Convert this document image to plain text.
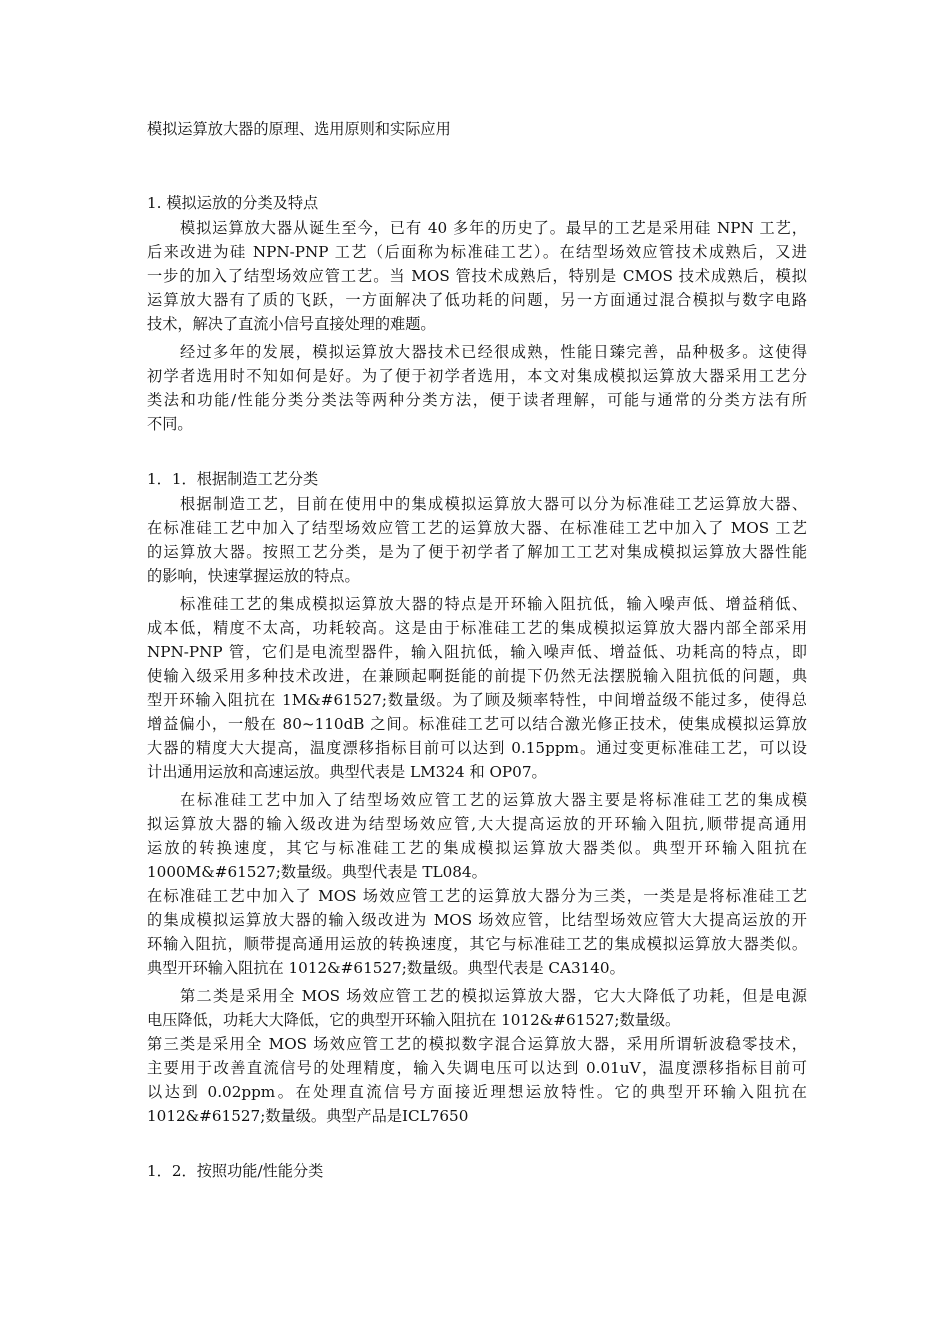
模拟运算放大器的原理、选用原则和实际应用
1. 模拟运放的分类及特点
模拟运算放大器从诞生至今，已有 40 多年的历史了。最早的工艺是采用硅 NPN 工艺，
后来改进为硅 NPN-PNP 工艺（后面称为标准硅工艺）。在结型场效应管技术成熟后，又进
一步的加入了结型场效应管工艺。当 MOS 管技术成熟后，特别是 CMOS 技术成熟后，模拟
运算放大器有了质的飞跃，一方面解决了低功耗的问题，另一方面通过混合模拟与数字电路
技术，解决了直流小信号直接处理的难题。
经过多年的发展，模拟运算放大器技术已经很成熟，性能日臻完善，品种极多。这使得
初学者选用时不知如何是好。为了便于初学者选用，本文对集成模拟运算放大器采用工艺分
类法和功能/性能分类分类法等两种分类方法，便于读者理解，可能与通常的分类方法有所
不同。
1．1．根据制造工艺分类
根据制造工艺，目前在使用中的集成模拟运算放大器可以分为标准硅工艺运算放大器、
在标准硅工艺中加入了结型场效应管工艺的运算放大器、在标准硅工艺中加入了 MOS 工艺
的运算放大器。按照工艺分类，是为了便于初学者了解加工工艺对集成模拟运算放大器性能
的影响，快速掌握运放的特点。
标准硅工艺的集成模拟运算放大器的特点是开环输入阻抗低，输入噪声低、增益稍低、
成本低，精度不太高，功耗较高。这是由于标准硅工艺的集成模拟运算放大器内部全部采用
NPN-PNP 管，它们是电流型器件，输入阻抗低，输入噪声低、增益低、功耗高的特点，即
使输入级采用多种技术改进，在兼顾起啊挺能的前提下仍然无法摆脱输入阻抗低的问题，典
型开环输入阻抗在 1M&#61527;数量级。为了顾及频率特性，中间增益级不能过多，使得总
增益偏小，一般在 80~110dB 之间。标准硅工艺可以结合激光修正技术，使集成模拟运算放
大器的精度大大提高，温度漂移指标目前可以达到 0.15ppm。通过变更标准硅工艺，可以设
计出通用运放和高速运放。典型代表是 LM324 和 OP07。
在标准硅工艺中加入了结型场效应管工艺的运算放大器主要是将标准硅工艺的集成模
拟运算放大器的输入级改进为结型场效应管,大大提高运放的开环输入阻抗,顺带提高通用
运放的转换速度，其它与标准硅工艺的集成模拟运算放大器类似。典型开环输入阻抗在
1000M&#61527;数量级。典型代表是 TL084。
在标准硅工艺中加入了 MOS 场效应管工艺的运算放大器分为三类，一类是是将标准硅工艺
的集成模拟运算放大器的输入级改进为 MOS 场效应管，比结型场效应管大大提高运放的开
环输入阻抗，顺带提高通用运放的转换速度，其它与标准硅工艺的集成模拟运算放大器类似。
典型开环输入阻抗在 1012&#61527;数量级。典型代表是 CA3140。
第二类是采用全 MOS 场效应管工艺的模拟运算放大器，它大大降低了功耗，但是电源
电压降低，功耗大大降低，它的典型开环输入阻抗在 1012&#61527;数量级。
第三类是采用全 MOS 场效应管工艺的模拟数字混合运算放大器，采用所谓斩波稳零技术，
主要用于改善直流信号的处理精度，输入失调电压可以达到 0.01uV，温度漂移指标目前可
以达到 0.02ppm。在处理直流信号方面接近理想运放特性。它的典型开环输入阻抗在
1012&#61527;数量级。典型产品是ICL7650
1．2．按照功能/性能分类
